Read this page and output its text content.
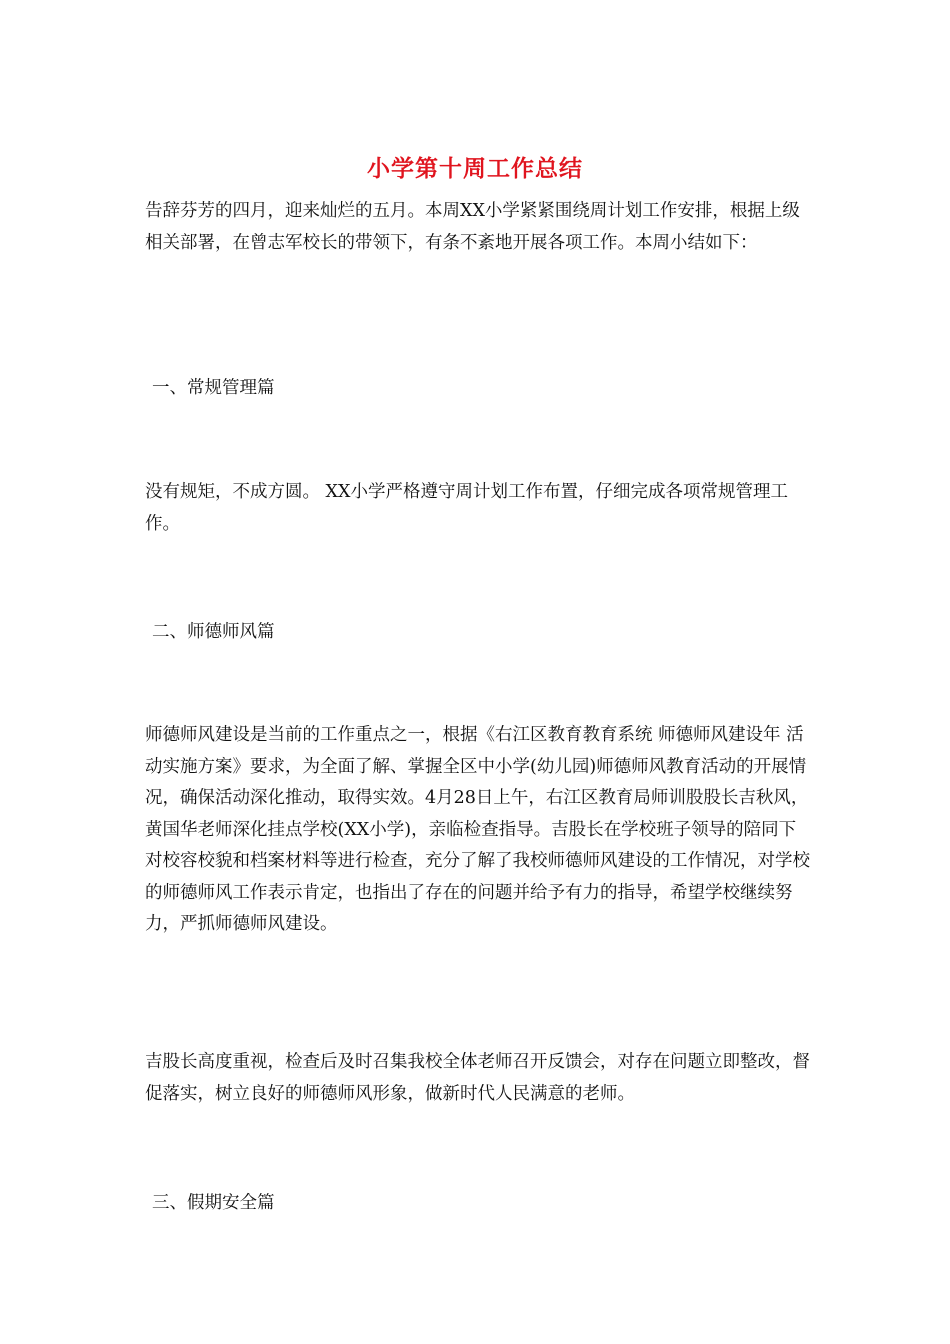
小学第十周工作总结

告辞芬芳的四月，迎来灿烂的五月。本周XX小学紧紧围绕周计划工作安排，根据上级相关部署，在曾志军校长的带领下，有条不紊地开展各项工作。本周小结如下：

一、常规管理篇

没有规矩，不成方圆。 XX小学严格遵守周计划工作布置，仔细完成各项常规管理工作。

二、师德师风篇

师德师风建设是当前的工作重点之一，根据《右江区教育教育系统 师德师风建设年 活动实施方案》要求，为全面了解、掌握全区中小学(幼儿园)师德师风教育活动的开展情况，确保活动深化推动，取得实效。4月28日上午，右江区教育局师训股股长吉秋风，黄国华老师深化挂点学校(XX小学)，亲临检查指导。吉股长在学校班子领导的陪同下对校容校貌和档案材料等进行检查，充分了解了我校师德师风建设的工作情况，对学校的师德师风工作表示肯定，也指出了存在的问题并给予有力的指导，希望学校继续努力，严抓师德师风建设。

吉股长高度重视，检查后及时召集我校全体老师召开反馈会，对存在问题立即整改，督促落实，树立良好的师德师风形象，做新时代人民满意的老师。

三、假期安全篇
